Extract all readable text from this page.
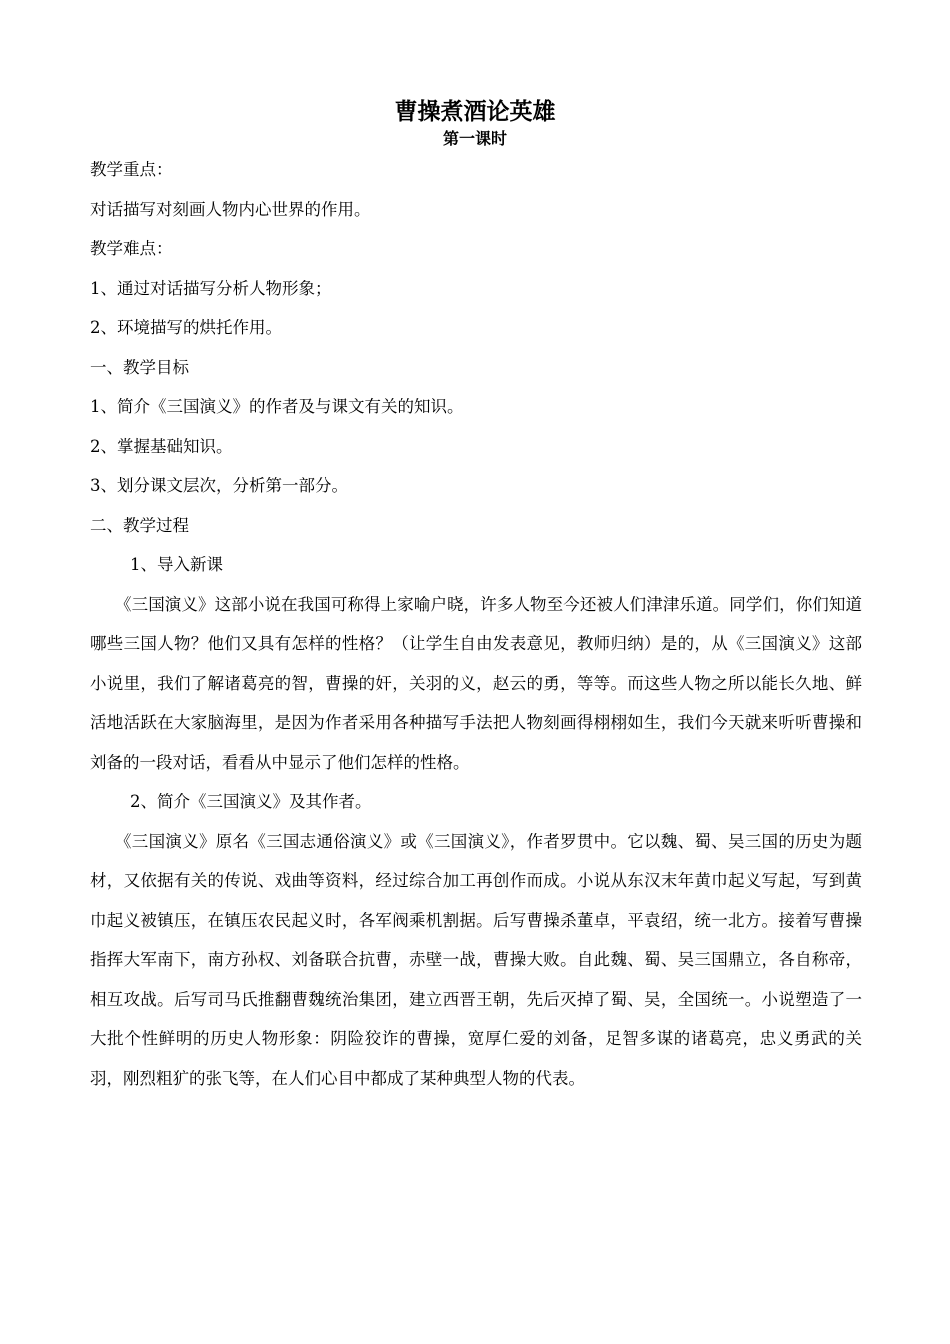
曹操煮酒论英雄
第一课时
教学重点：
对话描写对刻画人物内心世界的作用。
教学难点：
1、通过对话描写分析人物形象；
2、环境描写的烘托作用。
一、教学目标
1、简介《三国演义》的作者及与课文有关的知识。
2、掌握基础知识。
3、划分课文层次，分析第一部分。
二、教学过程
1、导入新课

《三国演义》这部小说在我国可称得上家喻户晓，许多人物至今还被人们津津乐道。同学们，你们知道哪些三国人物？他们又具有怎样的性格？（让学生自由发表意见，教师归纳）是的，从《三国演义》这部小说里，我们了解诸葛亮的智，曹操的奸，关羽的义，赵云的勇，等等。而这些人物之所以能长久地、鲜活地活跃在大家脑海里，是因为作者采用各种描写手法把人物刻画得栩栩如生，我们今天就来听听曹操和刘备的一段对话，看看从中显示了他们怎样的性格。

2、简介《三国演义》及其作者。

《三国演义》原名《三国志通俗演义》或《三国演义》，作者罗贯中。它以魏、蜀、吴三国的历史为题材，又依据有关的传说、戏曲等资料，经过综合加工再创作而成。小说从东汉末年黄巾起义写起，写到黄巾起义被镇压，在镇压农民起义时，各军阀乘机割据。后写曹操杀董卓，平袁绍，统一北方。接着写曹操指挥大军南下，南方孙权、刘备联合抗曹，赤壁一战，曹操大败。自此魏、蜀、吴三国鼎立，各自称帝，相互攻战。后写司马氏推翻曹魏统治集团，建立西晋王朝，先后灭掉了蜀、吴，全国统一。小说塑造了一大批个性鲜明的历史人物形象：阴险狡诈的曹操，宽厚仁爱的刘备，足智多谋的诸葛亮，忠义勇武的关羽，刚烈粗犷的张飞等，在人们心目中都成了某种典型人物的代表。
